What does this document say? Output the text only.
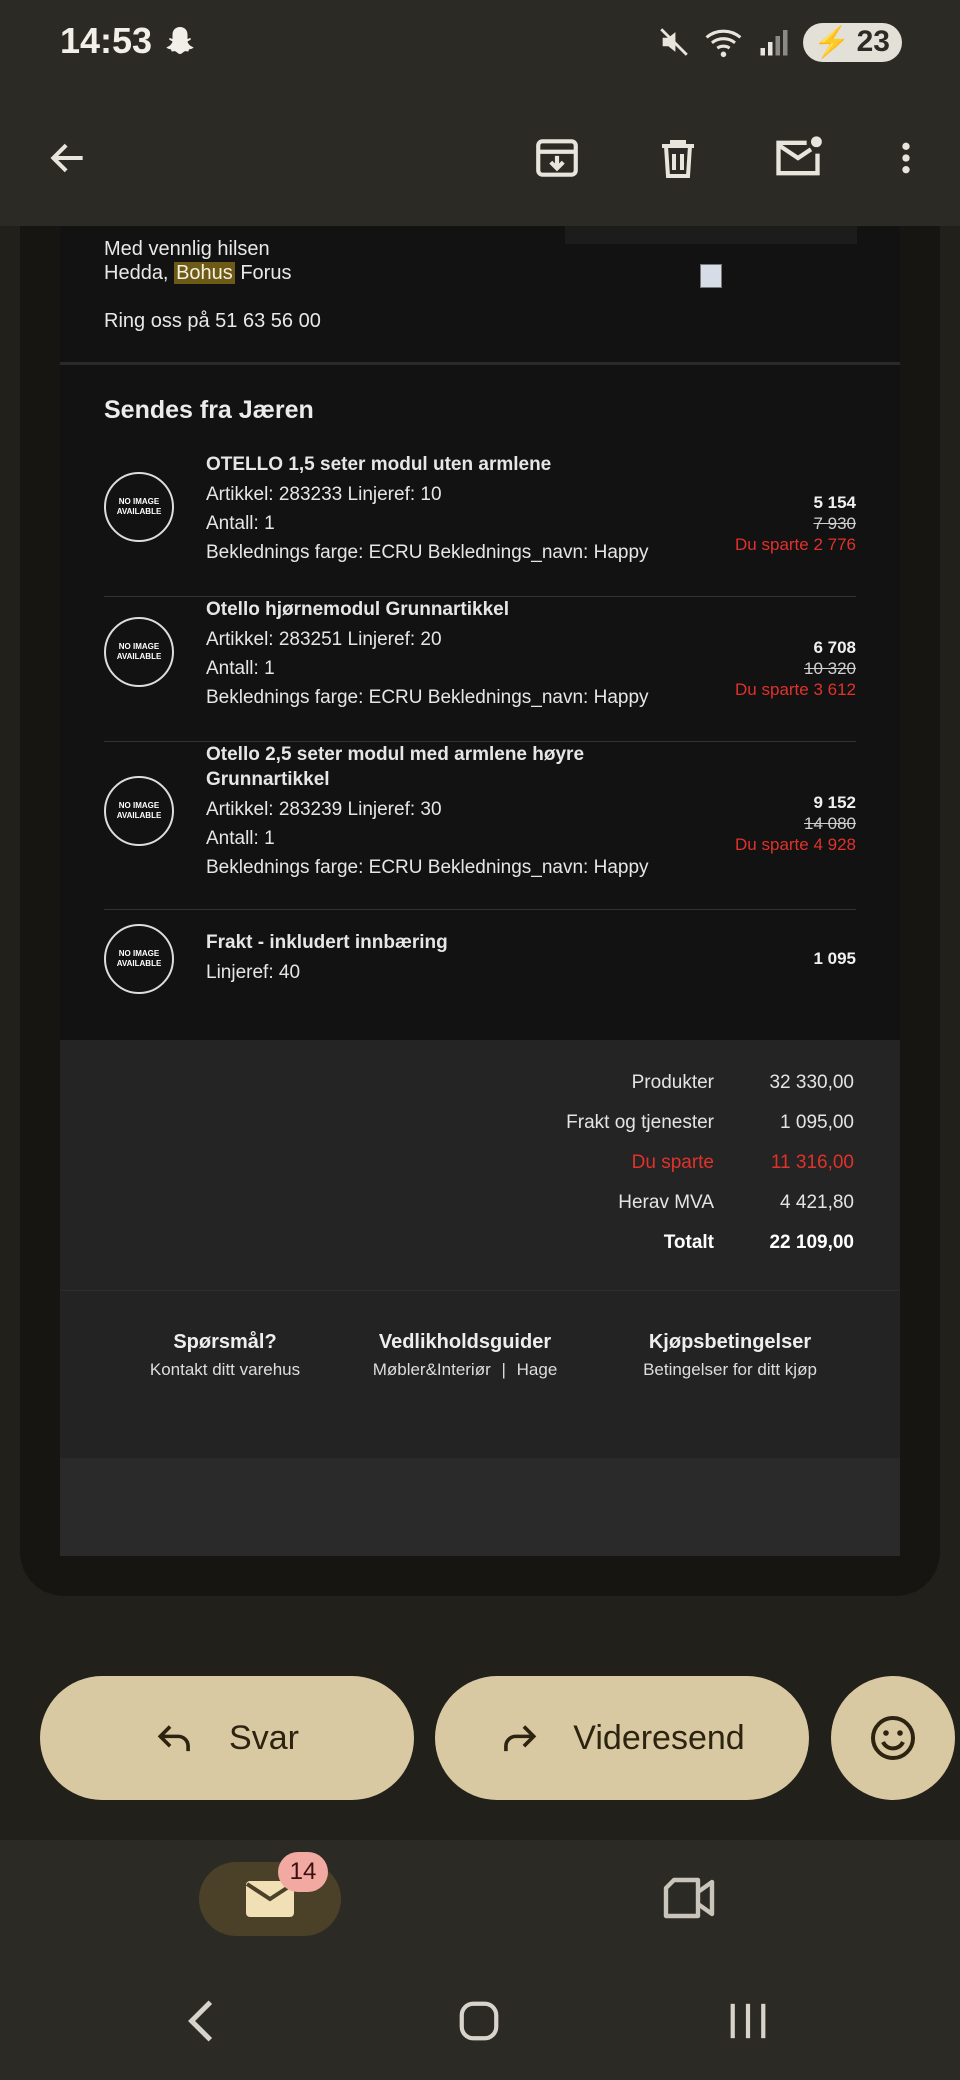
14:53	⚡ 23
Med vennlig hilsen
Hedda, Bohus Forus
Ring oss på 51 63 56 00
Sendes fra Jæren
NO IMAGE AVAILABLE
OTELLO 1,5 seter modul uten armlene
Artikkel: 283233 Linjeref: 10
Antall: 1
Beklednings farge: ECRU Beklednings_navn: Happy
5 154
7 930
Du sparte 2 776
NO IMAGE AVAILABLE
Otello hjørnemodul Grunnartikkel
Artikkel: 283251 Linjeref: 20
Antall: 1
Beklednings farge: ECRU Beklednings_navn: Happy
6 708
10 320
Du sparte 3 612
NO IMAGE AVAILABLE
Otello 2,5 seter modul med armlene høyre Grunnartikkel
Artikkel: 283239 Linjeref: 30
Antall: 1
Beklednings farge: ECRU Beklednings_navn: Happy
9 152
14 080
Du sparte 4 928
NO IMAGE AVAILABLE
Frakt - inkludert innbæring
Linjeref: 40
1 095
Produkter	32 330,00
Frakt og tjenester	1 095,00
Du sparte	11 316,00
Herav MVA	4 421,80
Totalt	22 109,00
Spørsmål?
Kontakt ditt varehus
Vedlikholdsguider
Møbler&Interiør | Hage
Kjøpsbetingelser
Betingelser for ditt kjøp
Svar	Videresend
14
